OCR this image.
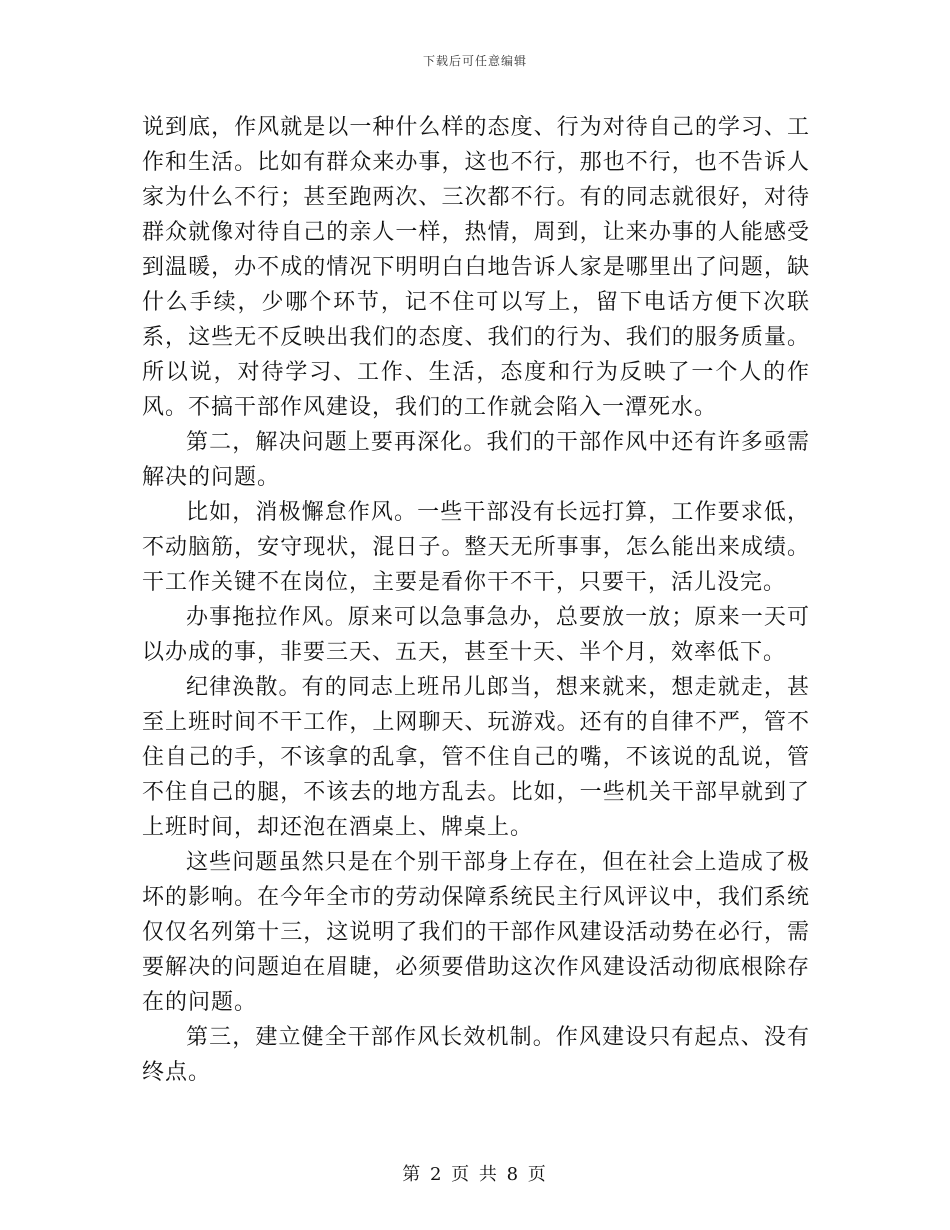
下载后可任意编辑

说到底，作风就是以一种什么样的态度、行为对待自己的学习、工作和生活。比如有群众来办事，这也不行，那也不行，也不告诉人家为什么不行；甚至跑两次、三次都不行。有的同志就很好，对待群众就像对待自己的亲人一样，热情，周到，让来办事的人能感受到温暖，办不成的情况下明明白白地告诉人家是哪里出了问题，缺什么手续，少哪个环节，记不住可以写上，留下电话方便下次联系，这些无不反映出我们的态度、我们的行为、我们的服务质量。所以说，对待学习、工作、生活，态度和行为反映了一个人的作风。不搞干部作风建设，我们的工作就会陷入一潭死水。

第二，解决问题上要再深化。我们的干部作风中还有许多亟需解决的问题。

比如，消极懈怠作风。一些干部没有长远打算，工作要求低，不动脑筋，安守现状，混日子。整天无所事事，怎么能出来成绩。干工作关键不在岗位，主要是看你干不干，只要干，活儿没完。

办事拖拉作风。原来可以急事急办，总要放一放；原来一天可以办成的事，非要三天、五天，甚至十天、半个月，效率低下。

纪律涣散。有的同志上班吊儿郎当，想来就来，想走就走，甚至上班时间不干工作，上网聊天、玩游戏。还有的自律不严，管不住自己的手，不该拿的乱拿，管不住自己的嘴，不该说的乱说，管不住自己的腿，不该去的地方乱去。比如，一些机关干部早就到了上班时间，却还泡在酒桌上、牌桌上。

这些问题虽然只是在个别干部身上存在，但在社会上造成了极坏的影响。在今年全市的劳动保障系统民主行风评议中，我们系统仅仅名列第十三，这说明了我们的干部作风建设活动势在必行，需要解决的问题迫在眉睫，必须要借助这次作风建设活动彻底根除存在的问题。

第三，建立健全干部作风长效机制。作风建设只有起点、没有终点。

第 2 页 共 8 页
